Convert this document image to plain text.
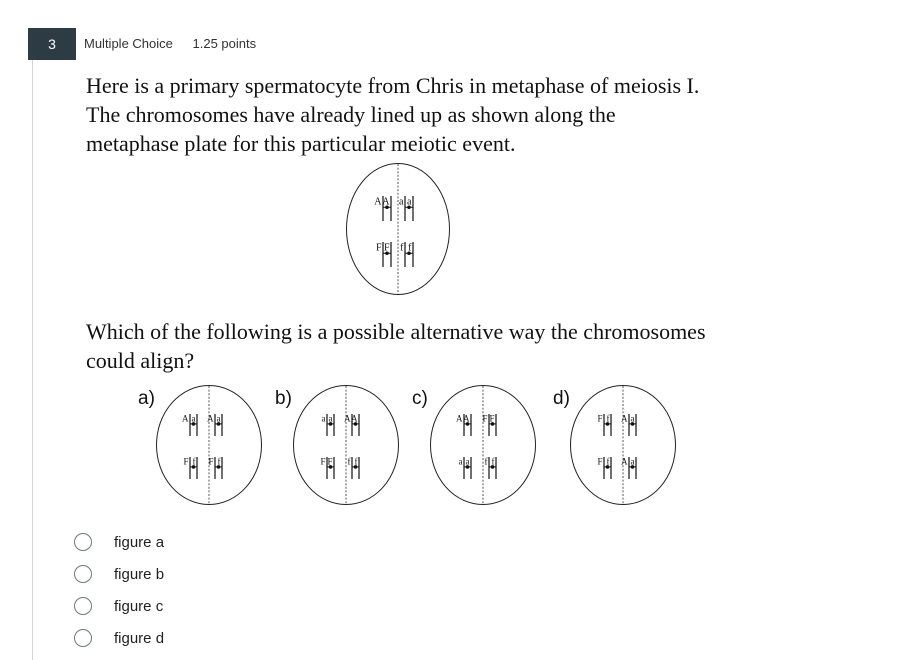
3	Multiple Choice 1.25 points
Here is a primary spermatocyte from Chris in metaphase of meiosis I. The chromosomes have already lined up as shown along the metaphase plate for this particular meiotic event.
A A a a
F F f f
Which of the following is a possible alternative way the chromosomes could align?
a)	b)	c)	d)
A a A a
F f F f
a a A A
F F f f
A A F F
a a f f
F f A a
F f A a
figure a
figure b
figure c
figure d
